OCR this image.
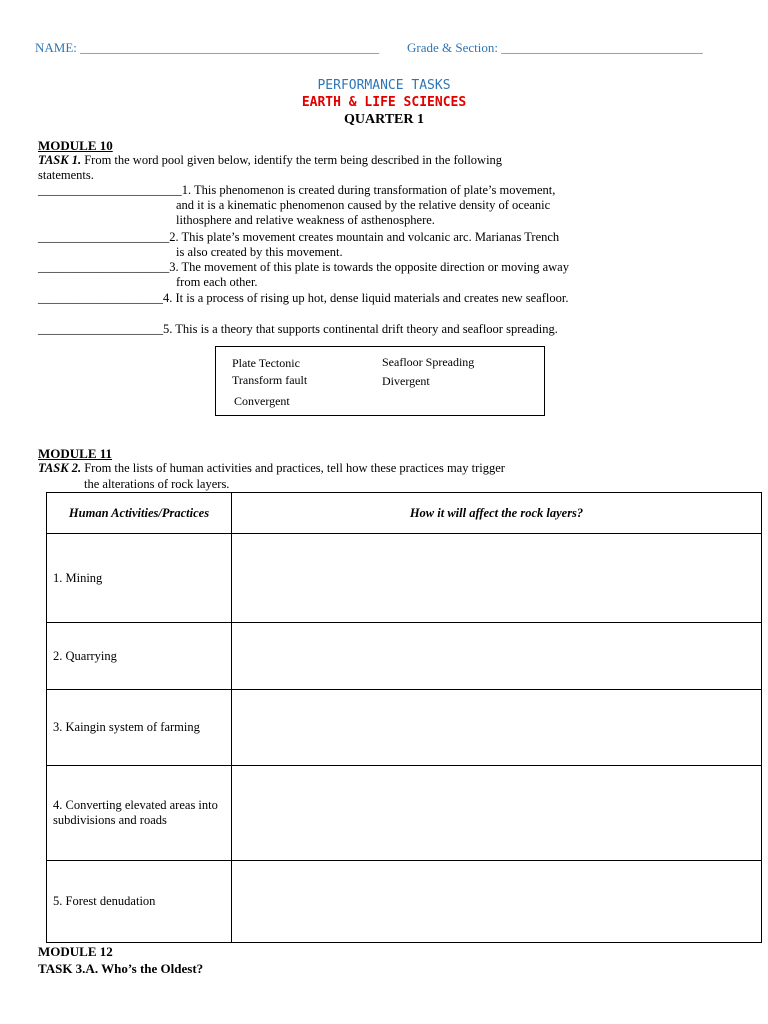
NAME: ______________________________________________ Grade & Section: _______________________________
PERFORMANCE TASKS
EARTH & LIFE SCIENCES
QUARTER 1
MODULE 10
TASK 1. From the word pool given below, identify the term being described in the following
statements.
_______________________1. This phenomenon is created during transformation of plate’s movement,
and it is a kinematic phenomenon caused by the relative density of oceanic
lithosphere and relative weakness of asthenosphere.
_____________________2. This plate’s movement creates mountain and volcanic arc. Marianas Trench
is also created by this movement.
_____________________3. The movement of this plate is towards the opposite direction or moving away
from each other.
____________________4. It is a process of rising up hot, dense liquid materials and creates new seafloor.
____________________5. This is a theory that supports continental drift theory and seafloor spreading.
Plate Tectonic	Seafloor Spreading
Transform fault	Divergent
Convergent
MODULE 11
TASK 2. From the lists of human activities and practices, tell how these practices may trigger
the alterations of rock layers.
Human Activities/Practices	How it will affect the rock layers?
1. Mining	
2. Quarrying	
3. Kaingin system of farming	
4. Converting elevated areas into subdivisions and roads	
5. Forest denudation	
MODULE 12
TASK 3.A. Who’s the Oldest?
